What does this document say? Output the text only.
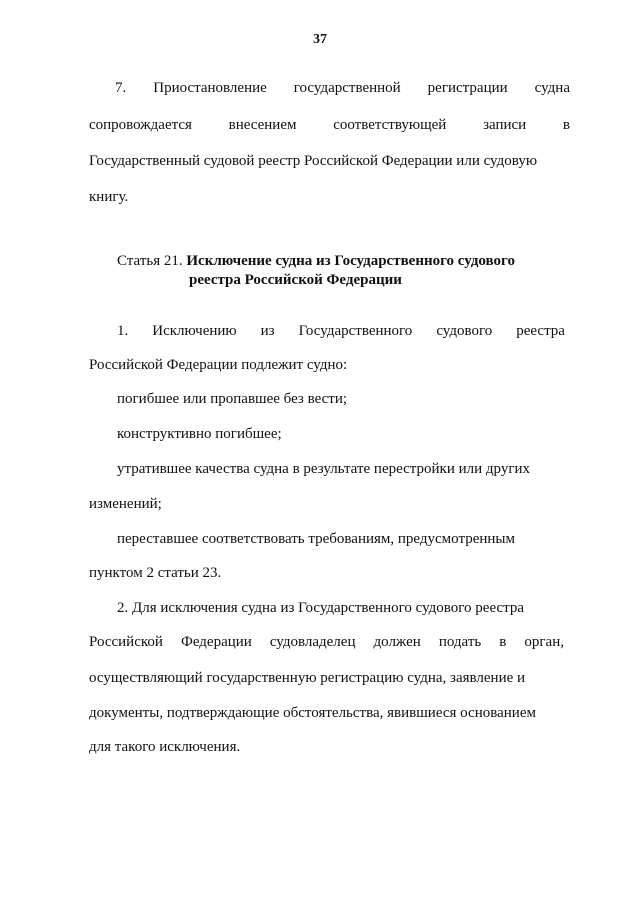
37
7. Приостановление государственной регистрации судна
сопровождается внесением соответствующей записи в
Государственный судовой реестр Российской Федерации или судовую
книгу.
Статья 21. Исключение судна из Государственного судового
реестра Российской Федерации
1. Исключению из Государственного судового реестра
Российской Федерации подлежит судно:
погибшее или пропавшее без вести;
конструктивно погибшее;
утратившее качества судна в результате перестройки или других
изменений;
переставшее соответствовать требованиям, предусмотренным
пунктом 2 статьи 23.
2. Для исключения судна из Государственного судового реестра
Российской Федерации судовладелец должен подать в орган,
осуществляющий государственную регистрацию судна, заявление и
документы, подтверждающие обстоятельства, явившиеся основанием
для такого исключения.
